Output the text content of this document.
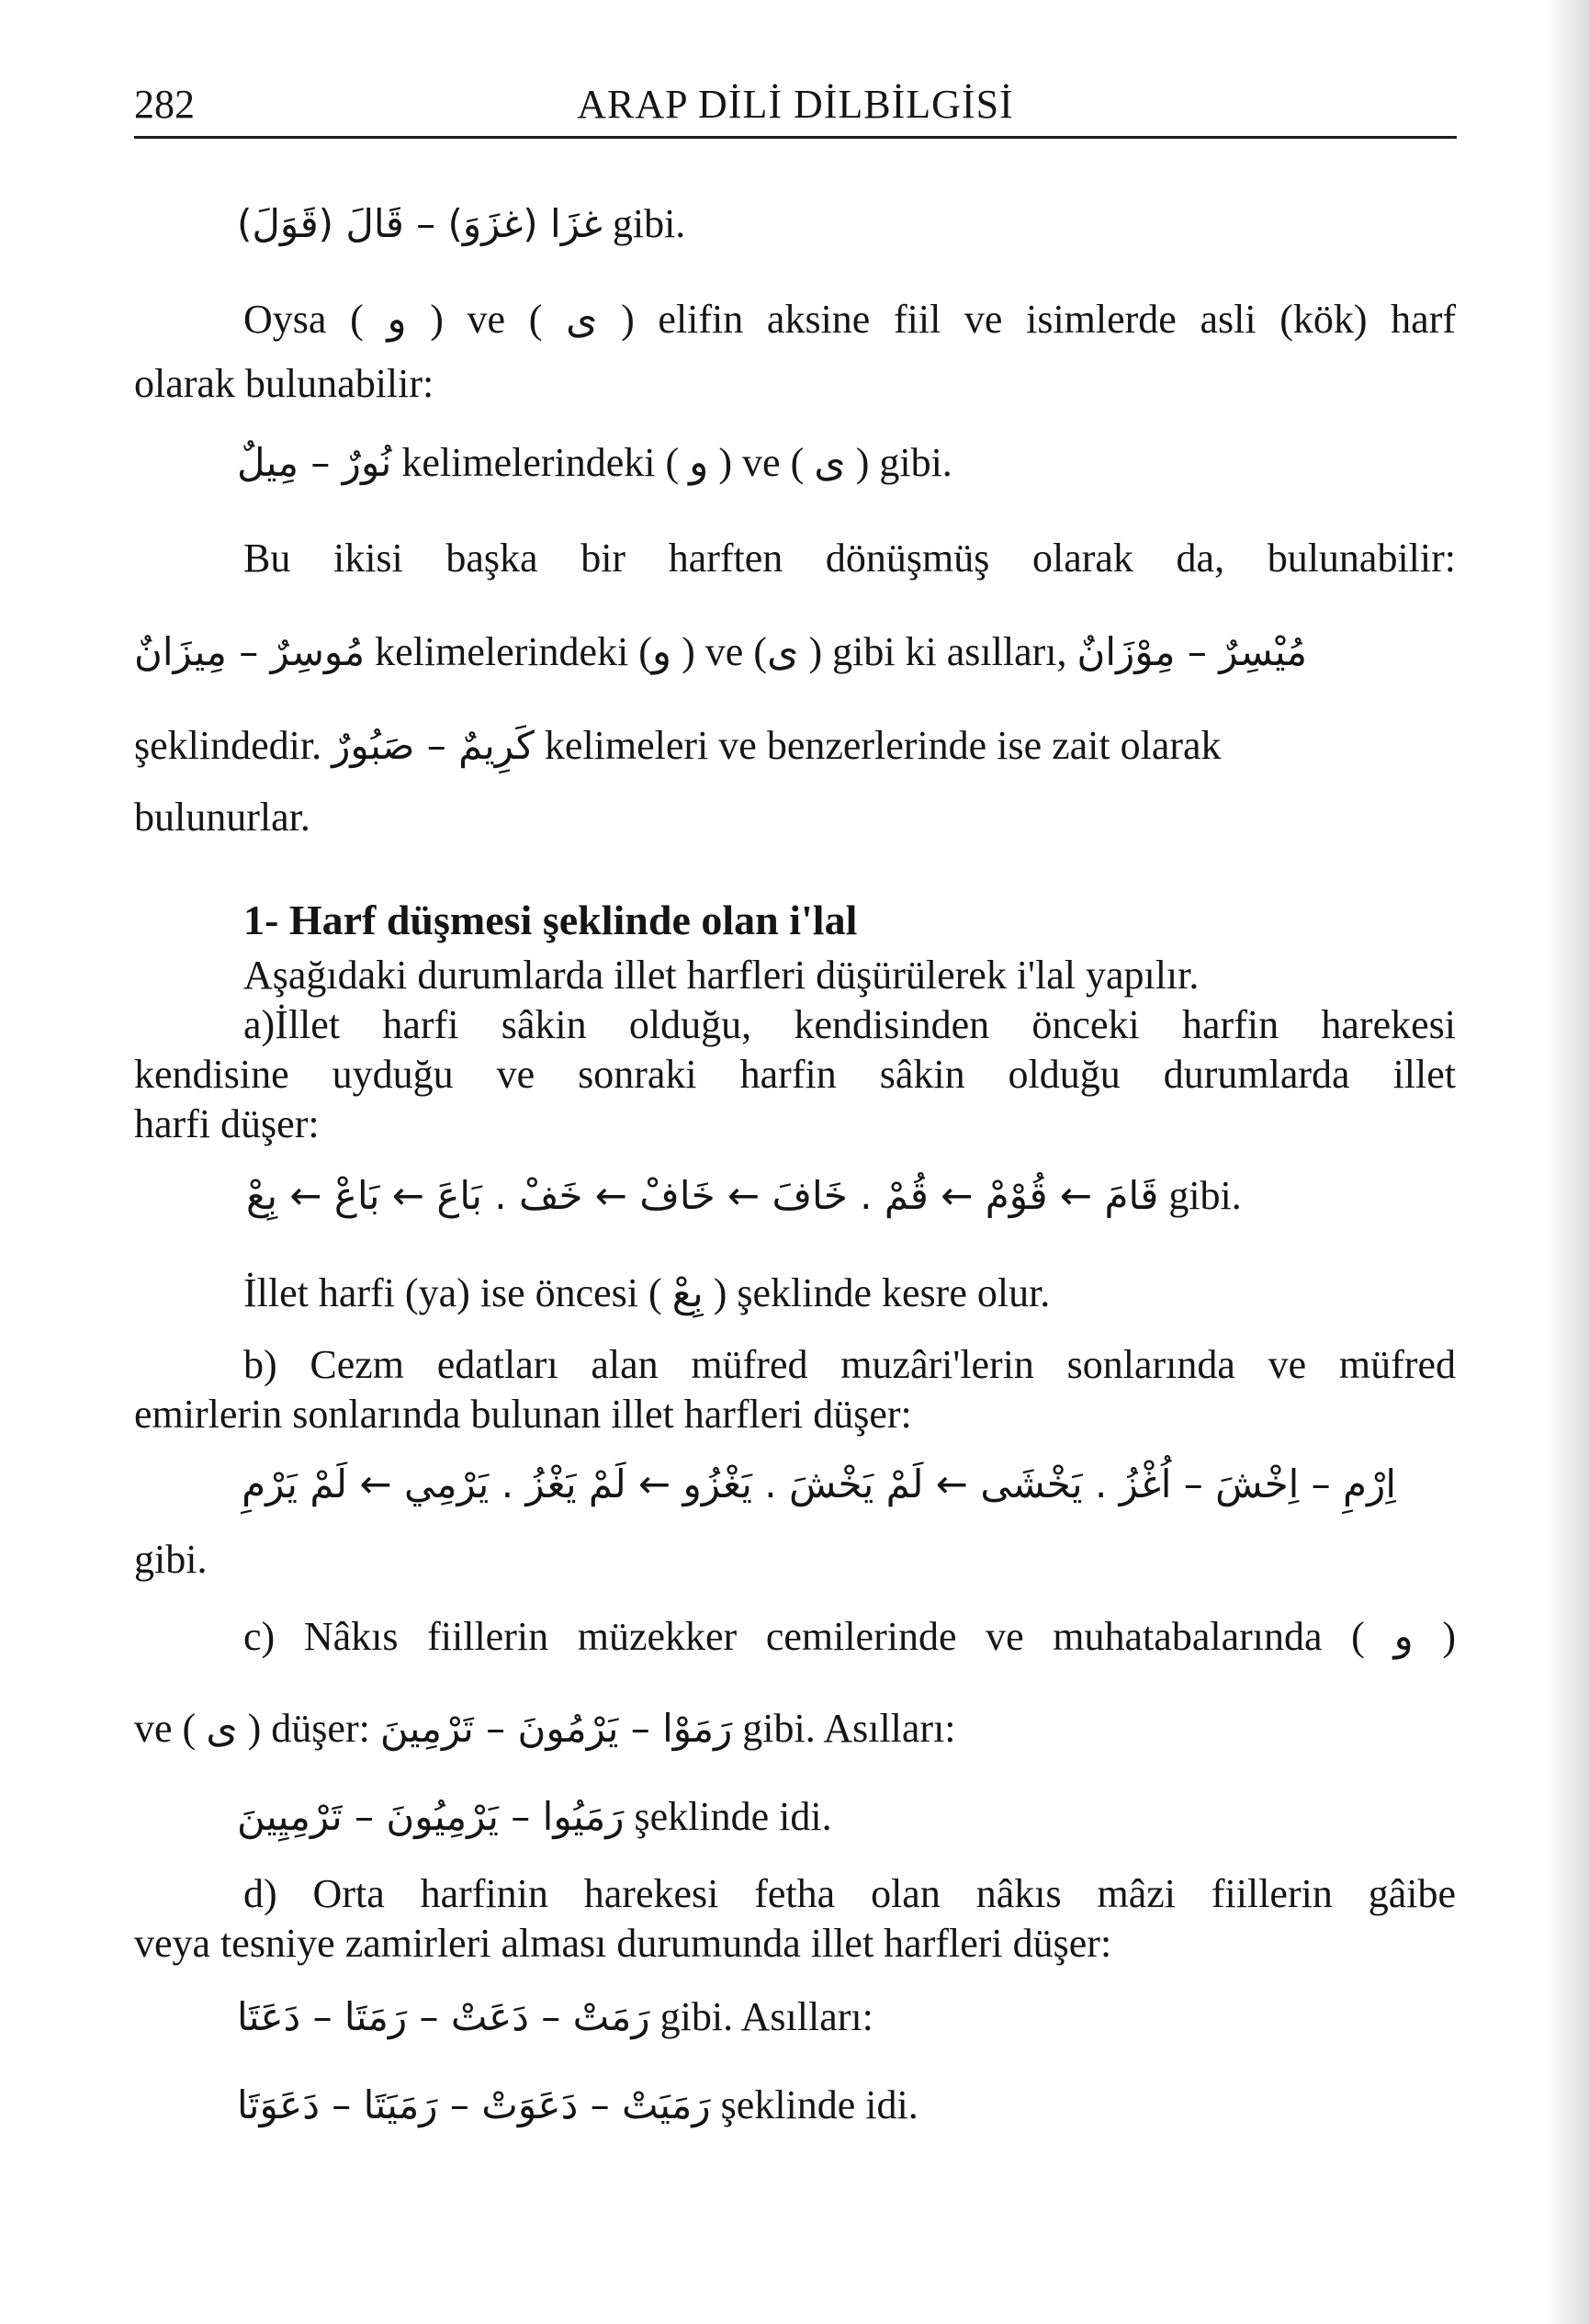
282	ARAP DİLİ DİLBİLGİSİ
غزَا (غزَوَ) – قَالَ (قَوَلَ) gibi.
Oysa ( و ) ve ( ى ) elifin aksine fiil ve isimlerde asli (kök) harf
olarak bulunabilir:
نُورٌ – مِيلٌ kelimelerindeki ( و ) ve ( ى ) gibi.
Bu ikisi başka bir harften dönüşmüş olarak da, bulunabilir:
مُوسِرٌ – مِيزَانٌ kelimelerindeki (و ) ve (ى ) gibi ki asılları, مُيْسِرٌ – مِوْزَانٌ
şeklindedir. كَرِيمٌ – صَبُورٌ kelimeleri ve benzerlerinde ise zait olarak
bulunurlar.
1- Harf düşmesi şeklinde olan i'lal
Aşağıdaki durumlarda illet harfleri düşürülerek i'lal yapılır.
a)İllet harfi sâkin olduğu, kendisinden önceki harfin harekesi
kendisine uyduğu ve sonraki harfin sâkin olduğu durumlarda illet
harfi düşer:
قَامَ ← قُوْمْ ← قُمْ . خَافَ ← خَافْ ← خَفْ . بَاعَ ← بَاعْ ← بِعْ gibi.
İllet harfi (ya) ise öncesi ( بِعْ ) şeklinde kesre olur.
b) Cezm edatları alan müfred muzâri'lerin sonlarında ve müfred
emirlerin sonlarında bulunan illet harfleri düşer:
اِرْمِ – اِخْشَ – اُغْزُ . يَخْشَى ← لَمْ يَخْشَ . يَغْزُو ← لَمْ يَغْزُ . يَرْمِي ← لَمْ يَرْمِ
gibi.
c) Nâkıs fiillerin müzekker cemilerinde ve muhatabalarında ( و )
ve ( ى ) düşer: رَمَوْا – يَرْمُونَ – تَرْمِينَ gibi. Asılları:
رَمَيُوا – يَرْمِيُونَ – تَرْمِيِينَ şeklinde idi.
d) Orta harfinin harekesi fetha olan nâkıs mâzi fiillerin gâibe
veya tesniye zamirleri alması durumunda illet harfleri düşer:
رَمَتْ – دَعَتْ – رَمَتَا – دَعَتَا gibi. Asılları:
رَمَيَتْ – دَعَوَتْ – رَمَيَتَا – دَعَوَتَا şeklinde idi.
